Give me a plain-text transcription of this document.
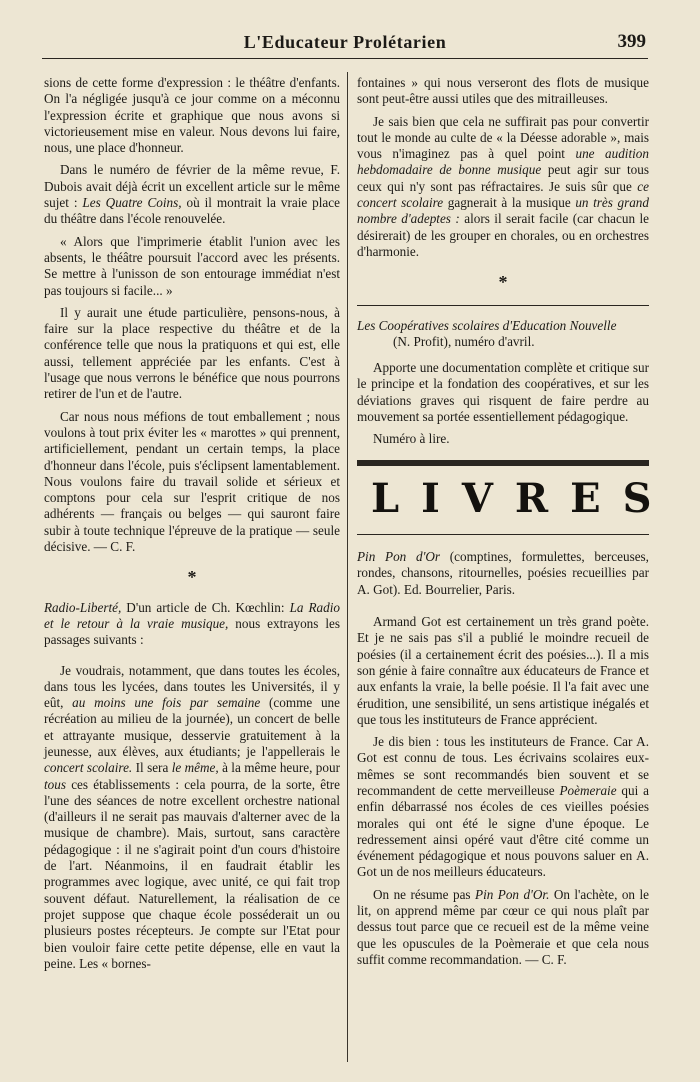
L'Educateur Prolétarien	399

sions de cette forme d'expression : le théâtre d'enfants. On l'a négligée jusqu'à ce jour comme on a méconnu l'expression écrite et graphique que nous avons si victorieusement mise en valeur. Nous devons lui faire, nous, une place d'honneur.

Dans le numéro de février de la même revue, F. Dubois avait déjà écrit un excellent article sur le même sujet : Les Quatre Coins, où il montrait la vraie place du théâtre dans l'école renouvelée.

« Alors que l'imprimerie établit l'union avec les absents, le théâtre poursuit l'accord avec les présents. Se mettre à l'unisson de son entourage immédiat n'est pas toujours si facile... »

Il y aurait une étude particulière, pensons-nous, à faire sur la place respective du théâtre et de la conférence telle que nous la pratiquons et qui est, elle aussi, tellement appréciée par les enfants. C'est à l'usage que nous verrons le bénéfice que nous pourrons retirer de l'un et de l'autre.

Car nous nous méfions de tout emballement ; nous voulons à tout prix éviter les « marottes » qui prennent, artificiellement, pendant un certain temps, la place d'honneur dans l'école, puis s'éclipsent lamentablement. Nous voulons faire du travail solide et sérieux et comptons pour cela sur l'esprit critique de nos adhérents — français ou belges — qui sauront faire subir à toute technique l'épreuve de la pratique — seule décisive. — C. F.

*

Radio-Liberté, D'un article de Ch. Kœchlin: La Radio et le retour à la vraie musique, nous extrayons les passages suivants :

Je voudrais, notamment, que dans toutes les écoles, dans tous les lycées, dans toutes les Universités, il y eût, au moins une fois par semaine (comme une récréation au milieu de la journée), un concert de belle et attrayante musique, desservie gratuitement à la jeunesse, aux élèves, aux étudiants; je l'appellerais le concert scolaire. Il sera le même, à la même heure, pour tous ces établissements : cela pourra, de la sorte, être l'une des séances de notre excellent orchestre national (d'ailleurs il ne serait pas mauvais d'alterner avec de la musique de chambre). Mais, surtout, sans caractère pédagogique : il ne s'agirait point d'un cours d'histoire de l'art. Néanmoins, il en faudrait établir les programmes avec logique, avec unité, ce qui fait trop souvent défaut. Naturellement, la réalisation de ce projet suppose que chaque école posséderait un ou plusieurs postes récepteurs. Je compte sur l'Etat pour bien vouloir faire cette petite dépense, elle en vaut la peine. Les « bornes-

fontaines » qui nous verseront des flots de musique sont peut-être aussi utiles que des mitrailleuses.

Je sais bien que cela ne suffirait pas pour convertir tout le monde au culte de « la Déesse adorable », mais vous n'imaginez pas à quel point une audition hebdomadaire de bonne musique peut agir sur tous ceux qui n'y sont pas réfractaires. Je suis sûr que ce concert scolaire gagnerait à la musique un très grand nombre d'adeptes : alors il serait facile (car chacun le désirerait) de les grouper en chorales, ou en orchestres d'harmonie.

*

Les Coopératives scolaires d'Education Nouvelle
(N. Profit), numéro d'avril.

Apporte une documentation complète et critique sur le principe et la fondation des coopératives, et sur les déviations graves qui risquent de faire perdre au mouvement sa portée essentiellement pédagogique.

Numéro à lire.

LIVRES

Pin Pon d'Or (comptines, formulettes, berceuses, rondes, chansons, ritournelles, poésies recueillies par A. Got). Ed. Bourrelier, Paris.

Armand Got est certainement un très grand poète. Et je ne sais pas s'il a publié le moindre recueil de poésies (il a certainement écrit des poésies...). Il a mis son génie à faire connaître aux éducateurs de France et aux enfants la vraie, la belle poésie. Il l'a fait avec une érudition, une sensibilité, un sens artistique inégalés et que tous les instituteurs de France apprécient.

Je dis bien : tous les instituteurs de France. Car A. Got est connu de tous. Les écrivains scolaires eux-mêmes se sont recommandés bien souvent et se recommandent de cette merveilleuse Poèmeraie qui a enfin débarrassé nos écoles de ces vieilles poésies morales qui ont été le signe d'une époque. Le redressement ainsi opéré vaut d'être cité comme un événement pédagogique et nous pouvons saluer en A. Got un de nos meilleurs éducateurs.

On ne résume pas Pin Pon d'Or. On l'achète, on le lit, on apprend même par cœur ce qui nous plaît par dessus tout parce que ce recueil est de la même veine que les opuscules de la Poèmeraie et que cela nous suffit comme recommandation. — C. F.
